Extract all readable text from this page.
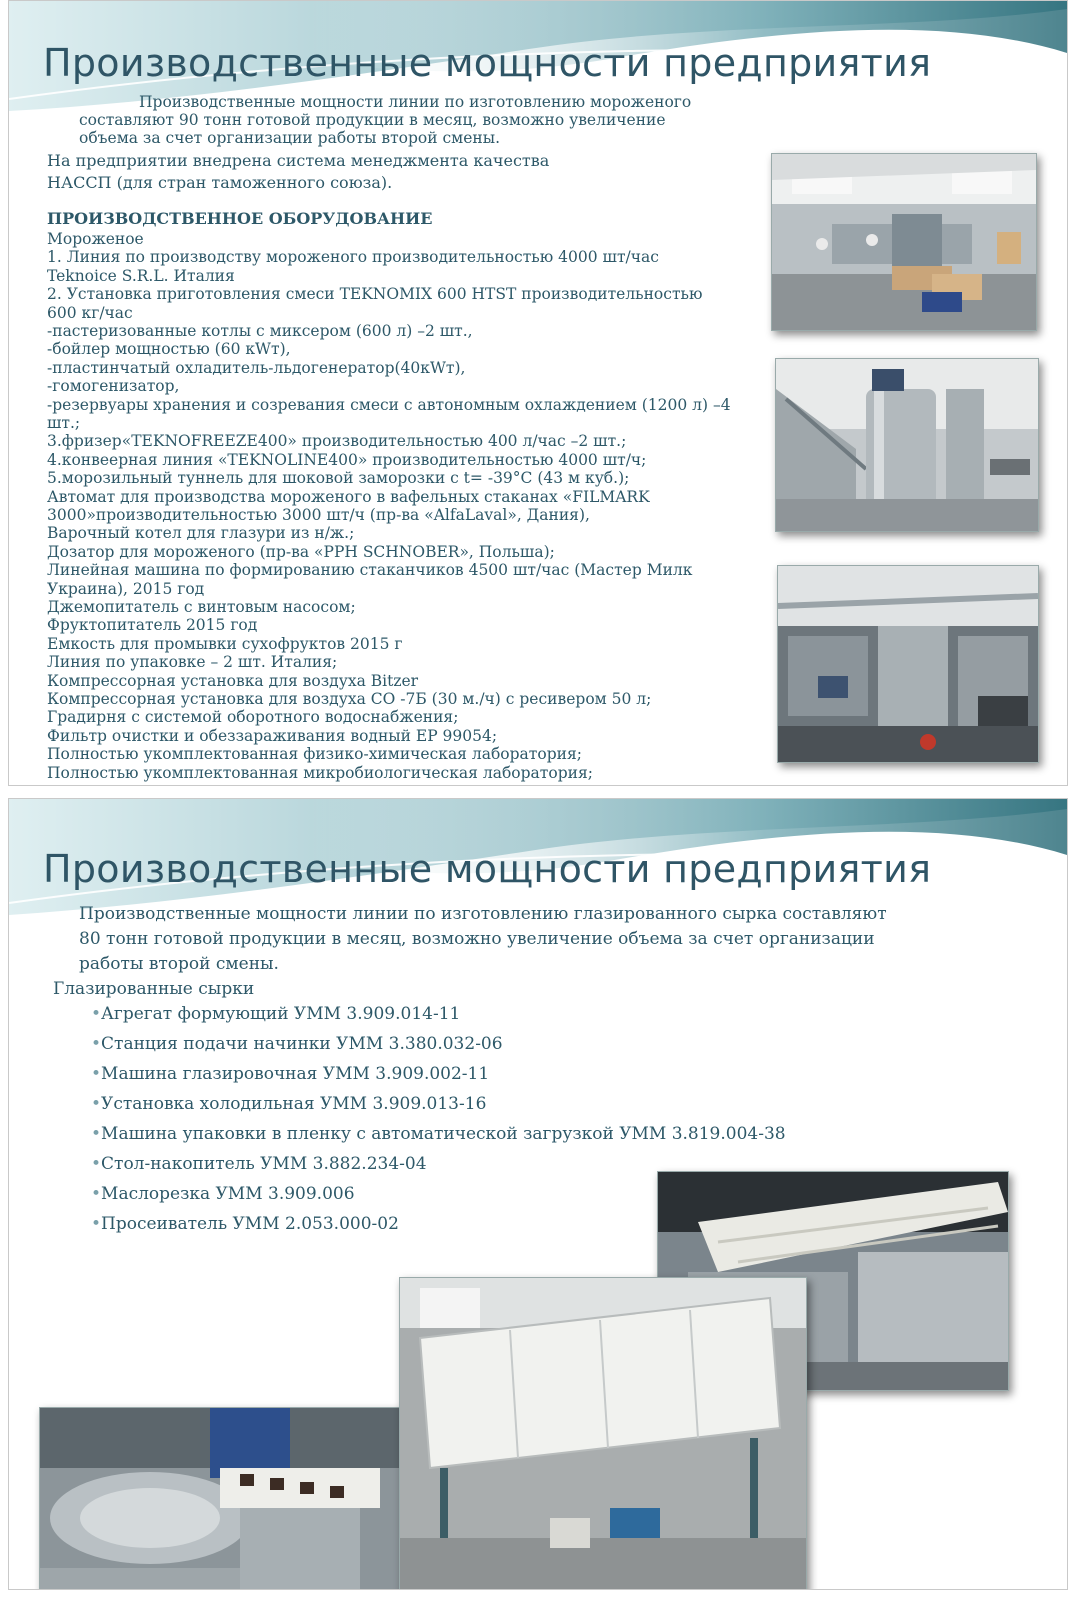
Производственные мощности предприятия
Производственные мощности линии по изготовлению мороженого
составляют 90 тонн готовой продукции в месяц, возможно увеличение
объема за счет организации работы второй смены.
На предприятии внедрена система менеджмента качества
НАССП (для стран таможенного союза).
ПРОИЗВОДСТВЕННОЕ ОБОРУДОВАНИЕ
Мороженое
1. Линия по производству мороженого производительностью 4000 шт/час
Teknoice S.R.L. Италия
2. Установка приготовления смеси TEKNOMIX 600 HTST производительностью
600 кг/час
-пастеризованные котлы с миксером (600 л) –2 шт.,
-бойлер мощностью (60 кWт),
-пластинчатый охладитель-льдогенератор(40кWт),
-гомогенизатор,
-резервуары хранения и созревания смеси с автономным охлаждением (1200 л) –4
шт.;
3.фризер«TEKNOFREEZE400» производительностью 400 л/час –2 шт.;
4.конвеерная линия «TEKNOLINE400» производительностью 4000 шт/ч;
5.морозильный туннель для шоковой заморозки с t= -39°С (43 м куб.);
Автомат для производства мороженого в вафельных стаканах «FILMARK
3000»производительностью 3000 шт/ч (пр-ва «AlfaLaval», Дания),
Варочный котел для глазури из н/ж.;
Дозатор для мороженого (пр-ва «PPH SCHNOBER», Польша);
Линейная машина по формированию стаканчиков 4500 шт/час (Мастер Милк
Украина), 2015 год
Джемопитатель с винтовым насосом;
Фруктопитатель 2015 год
Емкость для промывки сухофруктов 2015 г
Линия по упаковке – 2 шт. Италия;
Компрессорная установка для воздуха Bitzer
Компрессорная установка для воздуха СО -7Б (30 м./ч) с ресивером 50 л;
Градирня с системой оборотного водоснабжения;
Фильтр очистки и обеззараживания водный ЕР 99054;
Полностью укомплектованная физико-химическая лаборатория;
Полностью укомплектованная микробиологическая лаборатория;
Производственные мощности предприятия
Производственные мощности линии по изготовлению глазированного сырка составляют
80 тонн готовой продукции в месяц, возможно увеличение объема за счет организации
работы второй смены.
Глазированные сырки
•Агрегат формующий УММ 3.909.014-11
•Станция подачи начинки УММ 3.380.032-06
•Машина глазировочная УММ 3.909.002-11
•Установка холодильная УММ 3.909.013-16
•Машина упаковки в пленку с автоматической загрузкой УММ 3.819.004-38
•Стол-накопитель УММ 3.882.234-04
•Маслорезка УММ 3.909.006
•Просеиватель УММ 2.053.000-02
